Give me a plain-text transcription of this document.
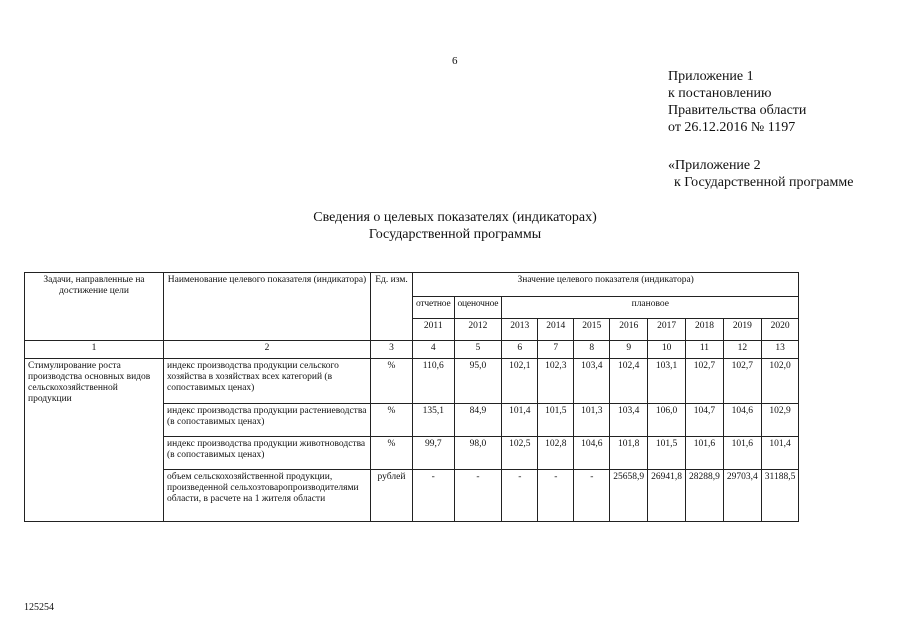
6
Приложение 1
к постановлению
Правительства области
от 26.12.2016 № 1197
«Приложение 2
к Государственной программе
Сведения о целевых показателях (индикаторах)
Государственной программы
Задачи, направленные на достижение цели	Наименование целевого показателя (индикатора)	Ед. изм.	Значение целевого показателя (индикатора)									
			отчетное	оценочное	плановое							
			2011	2012	2013	2014	2015	2016	2017	2018	2019	2020
1	2	3	4	5	6	7	8	9	10	11	12	13
Стимулирование роста производства основных видов сельскохозяйственной продукции	индекс производства продукции сельского хозяйства в хозяйствах всех категорий (в сопоставимых ценах)	%	110,6	95,0	102,1	102,3	103,4	102,4	103,1	102,7	102,7	102,0
	индекс производства продукции растениеводства (в сопоставимых ценах)	%	135,1	84,9	101,4	101,5	101,3	103,4	106,0	104,7	104,6	102,9
	индекс производства продукции животноводства (в сопоставимых ценах)	%	99,7	98,0	102,5	102,8	104,6	101,8	101,5	101,6	101,6	101,4
	объем сельскохозяйственной продукции, произведенной сельхозтоваропроизводителями области, в расчете на 1 жителя области	рублей	-	-	-	-	-	25658,9	26941,8	28288,9	29703,4	31188,5
125254
